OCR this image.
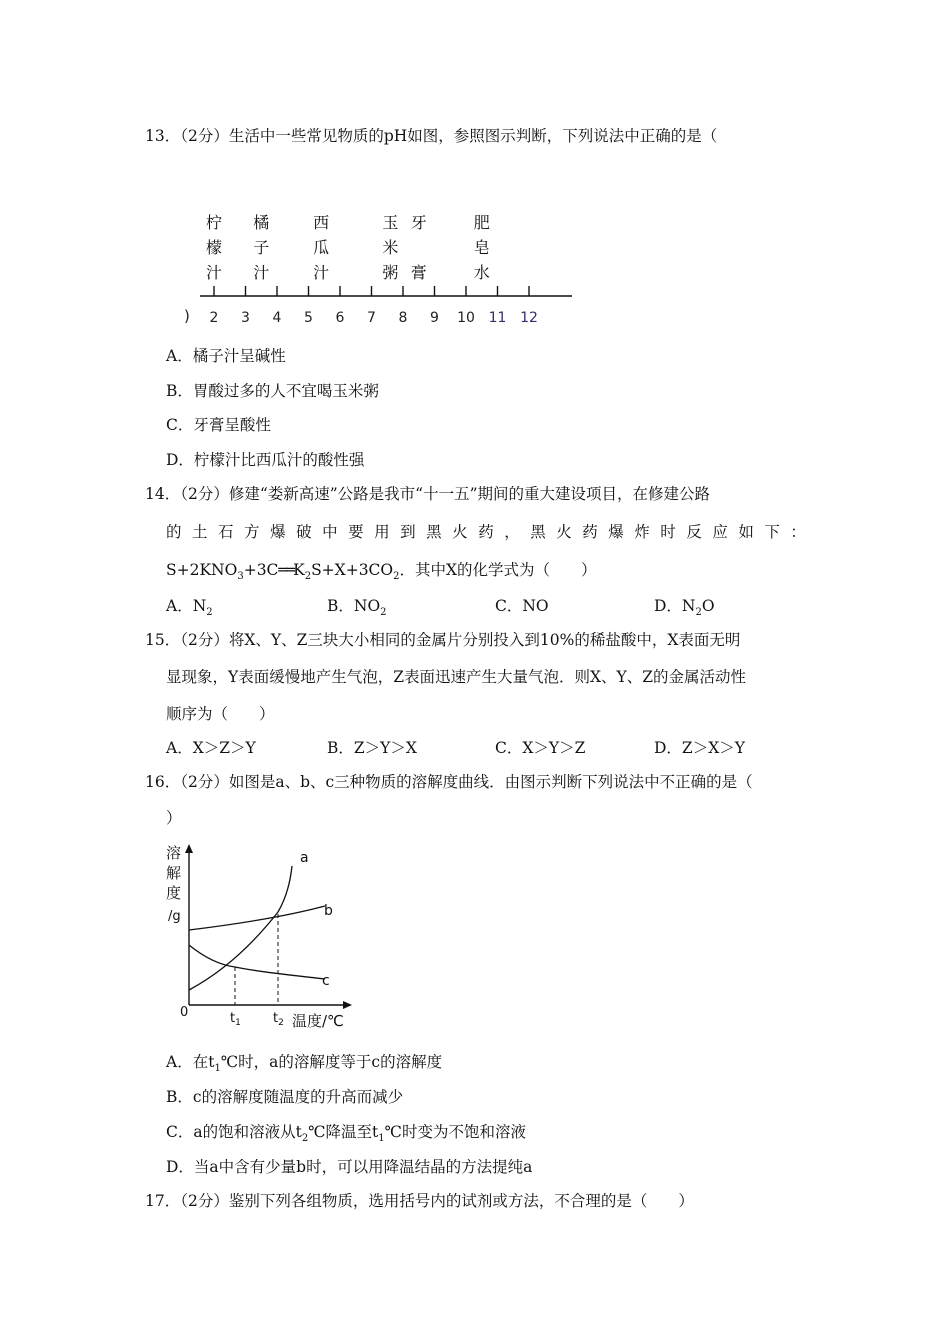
13．（2分）生活中一些常见物质的pH如图，参照图示判断，下列说法中正确的是（
2 3 4 5 6 7 8 9 10 11 12
柠
檬
汁
橘
子
汁
西
瓜
汁
玉
米
粥
牙
膏
肥
皂
水
)
A．橘子汁呈碱性
B．胃酸过多的人不宜喝玉米粥
C．牙膏呈酸性
D．柠檬汁比西瓜汁的酸性强
14．（2分）修建“娄新高速”公路是我市“十一五”期间的重大建设项目，在修建公路
的 土 石 方 爆 破 中 要 用 到 黑 火 药 ， 黑 火 药 爆 炸 时 反 应 如 下 ：
$S+2KNO_3+3C══K_2S+X+3CO_2$．其中X的化学式为（　　）
A．$N_2$	B．$NO_2$	C．NO	D．$N_2O$
15．（2分）将X、Y、Z三块大小相同的金属片分别投入到10%的稀盐酸中，X表面无明
显现象，Y表面缓慢地产生气泡，Z表面迅速产生大量气泡．则X、Y、Z的金属活动性
顺序为（　　）
A．X＞Z＞Y	B．Z＞Y＞X	C．X＞Y＞Z	D．Z＞X＞Y
16．（2分）如图是a、b、c三种物质的溶解度曲线．由图示判断下列说法中不正确的是（
）
溶
解
度
/g
0	$t_1$ $t_2$ 温度/℃
a
b
c
A．在$t_1℃$时，a的溶解度等于c的溶解度
B．c的溶解度随温度的升高而减少
C．a的饱和溶液从$t_2℃$降温至$t_1℃$时变为不饱和溶液
D．当a中含有少量b时，可以用降温结晶的方法提纯a
17．（2分）鉴别下列各组物质，选用括号内的试剂或方法，不合理的是（　　）
